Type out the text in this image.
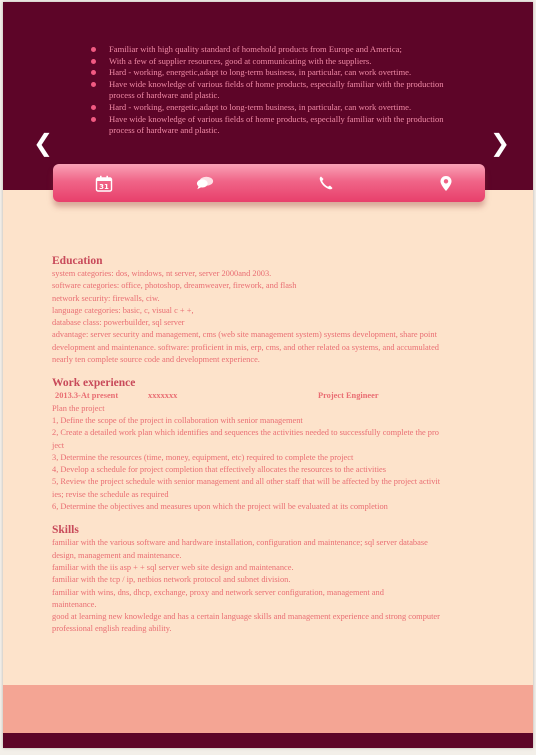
Familiar with high quality standard of homehold products from Europe and America;
With a few of supplier resources, good at communicating with the suppliers.
Hard - working, energetic,adapt to long-term business, in particular, can work overtime.
Have wide knowledge of various fields of home products, especially familiar with the production process of hardware and plastic.
Hard - working, energetic,adapt to long-term business, in particular, can work overtime.
Have wide knowledge of various fields of home products, especially familiar with the production process of hardware and plastic.
❮	❯
31
Education

system categories: dos, windows, nt server, server 2000and 2003.

software categories: office, photoshop, dreamweaver, firework, and flash

network security: firewalls, ciw.

language categories: basic, c, visual c + +,

database class: powerbuilder, sql server

advantage: server security and management, cms (web site management system) systems development, share point

development and maintenance. software: proficient in mis, erp, cms, and other related oa systems, and accumulated

nearly ten complete source code and development experience.

Work experience
2013.3-At present	xxxxxxx	Project Engineer

Plan the project

1, Define the scope of the project in collaboration with senior management

2, Create a detailed work plan which identifies and sequences the activities needed to successfully complete the pro

ject

3, Determine the resources (time, money, equipment, etc) required to complete the project

4, Develop a schedule for project completion that effectively allocates the resources to the activities

5, Review the project schedule with senior management and all other staff that will be affected by the project activit

ies; revise the schedule as required

6, Determine the objectives and measures upon which the project will be evaluated at its completion

Skills

familiar with the various software and hardware installation, configuration and maintenance; sql server database

design, management and maintenance.

familiar with the iis asp + + sql server web site design and maintenance.

familiar with the tcp / ip, netbios network protocol and subnet division.

familiar with wins, dns, dhcp, exchange, proxy and network server configuration, management and

maintenance.

good at learning new knowledge and has a certain language skills and management experience and strong computer

professional english reading ability.
